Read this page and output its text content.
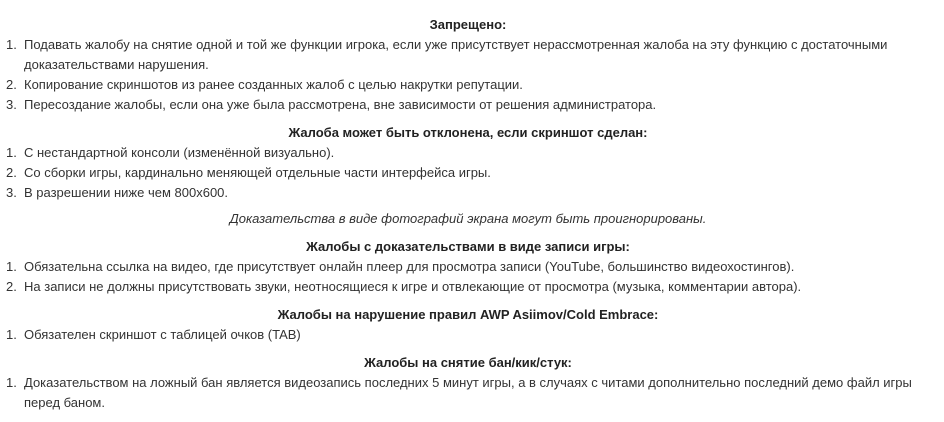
Запрещено:

1. Подавать жалобу на снятие одной и той же функции игрока, если уже присутствует нерассмотренная жалоба на эту функцию с достаточными доказательствами нарушения.
2. Копирование скриншотов из ранее созданных жалоб с целью накрутки репутации.
3. Пересоздание жалобы, если она уже была рассмотрена, вне зависимости от решения администратора.

Жалоба может быть отклонена, если скриншот сделан:

1. С нестандартной консоли (изменённой визуально).
2. Со сборки игры, кардинально меняющей отдельные части интерфейса игры.
3. В разрешении ниже чем 800x600.

Доказательства в виде фотографий экрана могут быть проигнорированы.

Жалобы с доказательствами в виде записи игры:

1. Обязательна ссылка на видео, где присутствует онлайн плеер для просмотра записи (YouTube, большинство видеохостингов).
2. На записи не должны присутствовать звуки, неотносящиеся к игре и отвлекающие от просмотра (музыка, комментарии автора).

Жалобы на нарушение правил AWP Asiimov/Cold Embrace:

1. Обязателен скриншот с таблицей очков (TAB)

Жалобы на снятие бан/кик/стук:

1. Доказательством на ложный бан является видеозапись последних 5 минут игры, а в случаях с читами дополнительно последний демо файл игры перед баном.
